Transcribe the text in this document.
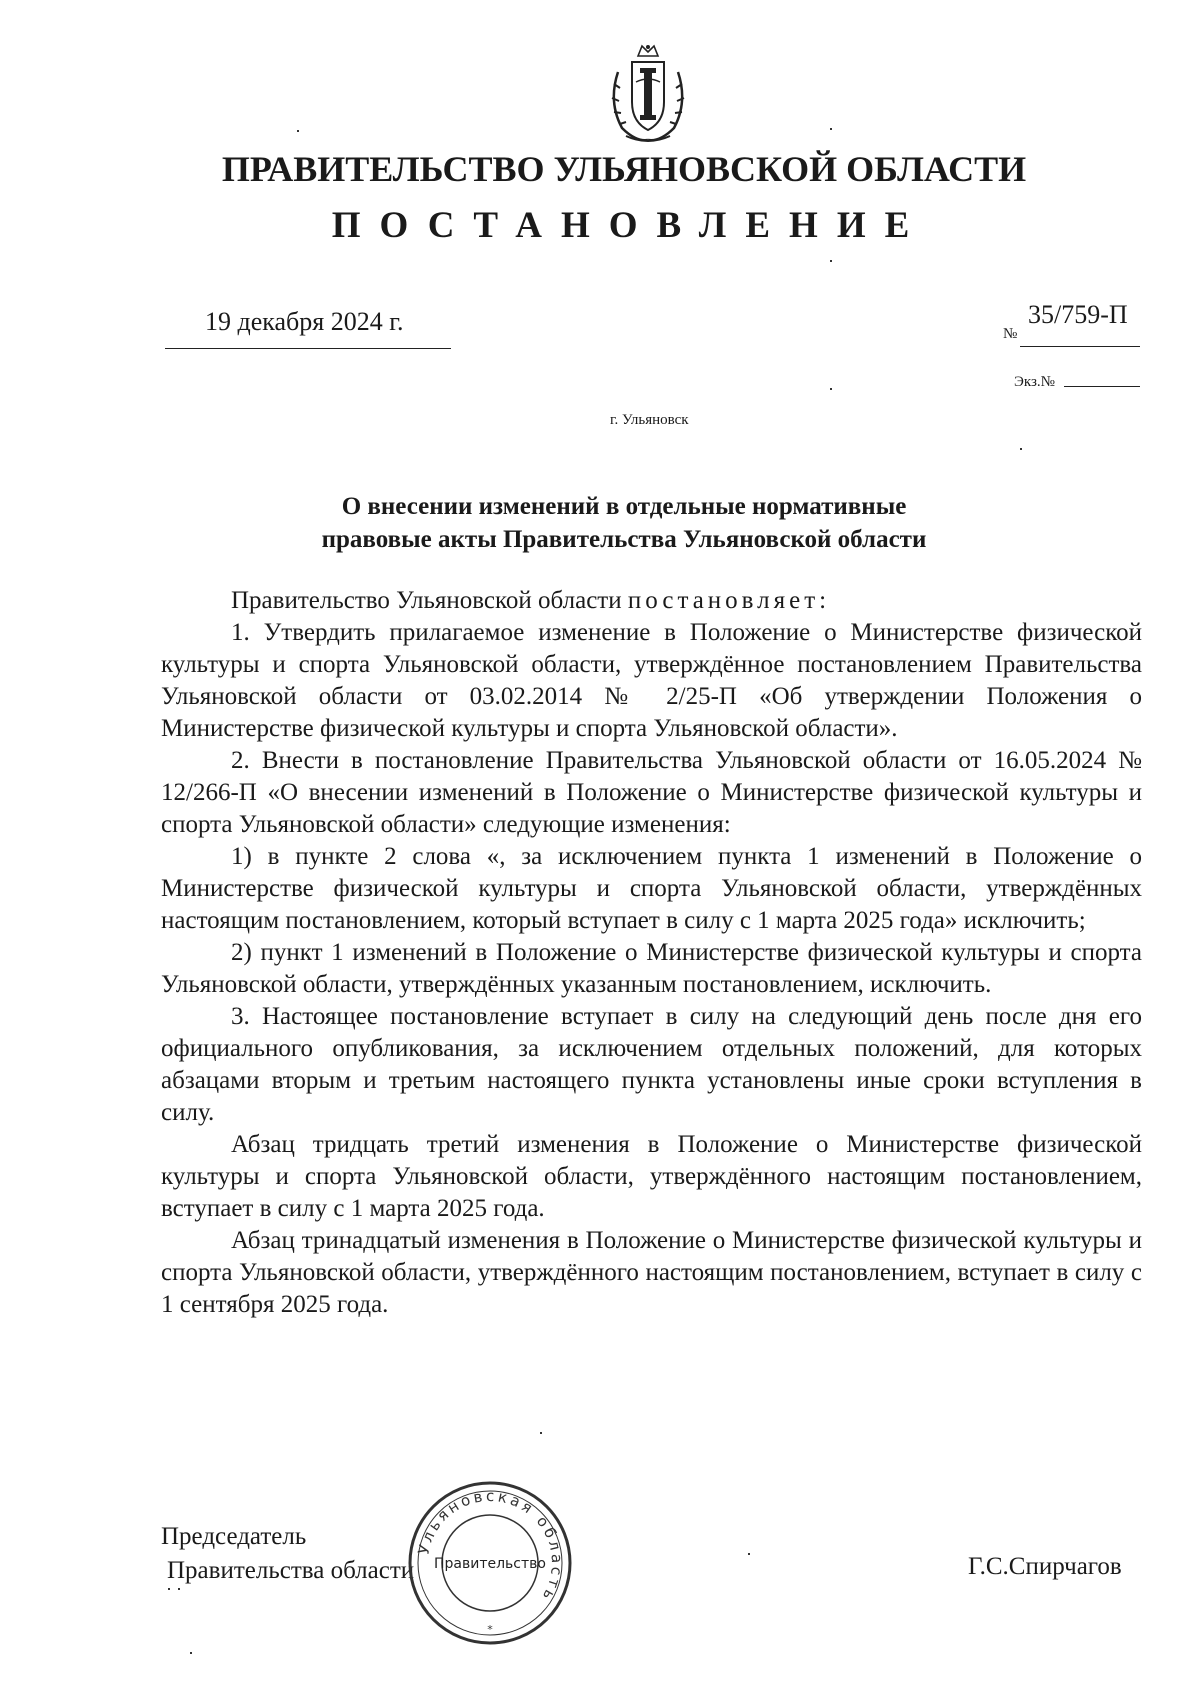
ПРАВИТЕЛЬСТВО УЛЬЯНОВСКОЙ ОБЛАСТИ
ПОСТАНОВЛЕНИЕ
19 декабря 2024 г.	№
35/759-П
Экз.№
г. Ульяновск
О внесении изменений в отдельные нормативные
правовые акты Правительства Ульяновской области

Правительство Ульяновской области постановляет:

1. Утвердить прилагаемое изменение в Положение о Министерстве физической культуры и спорта Ульяновской области, утверждённое постановлением Правительства Ульяновской области от 03.02.2014 № 2/25-П «Об утверждении Положения о Министерстве физической культуры и спорта Ульяновской области».

2. Внести в постановление Правительства Ульяновской области от 16.05.2024 № 12/266-П «О внесении изменений в Положение о Министерстве физической культуры и спорта Ульяновской области» следующие изменения:

1) в пункте 2 слова «, за исключением пункта 1 изменений в Положение о Министерстве физической культуры и спорта Ульяновской области, утверждённых настоящим постановлением, который вступает в силу с 1 марта 2025 года» исключить;

2) пункт 1 изменений в Положение о Министерстве физической культуры и спорта Ульяновской области, утверждённых указанным постановлением, исключить.

3. Настоящее постановление вступает в силу на следующий день после дня его официального опубликования, за исключением отдельных положений, для которых абзацами вторым и третьим настоящего пункта установлены иные сроки вступления в силу.

Абзац тридцать третий изменения в Положение о Министерстве физической культуры и спорта Ульяновской области, утверждённого настоящим постановлением, вступает в силу с 1 марта 2025 года.

Абзац тринадцатый изменения в Положение о Министерстве физической культуры и спорта Ульяновской области, утверждённого настоящим постановлением, вступает в силу с 1 сентября 2025 года.

Председатель
Правительства области
Ульяновская область
Правительство
*
Г.С.Спирчагов
